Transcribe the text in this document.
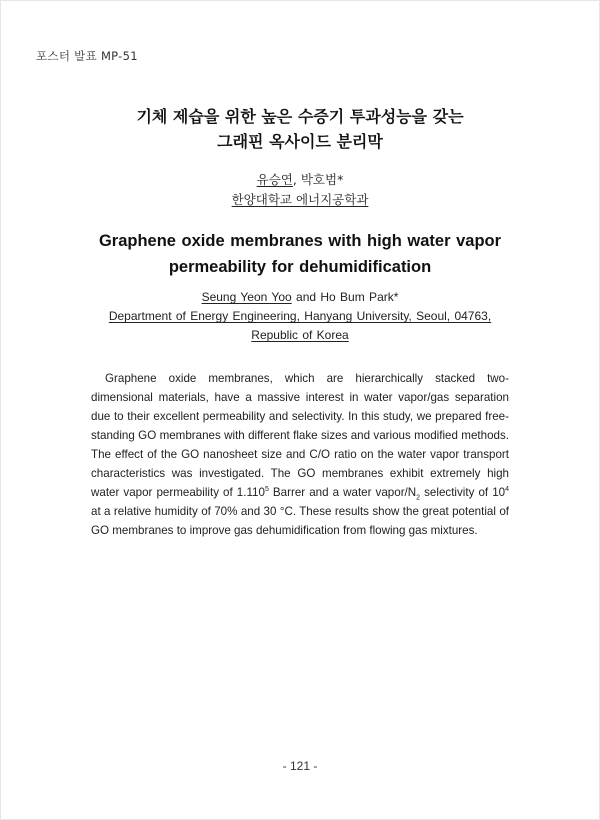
포스터 발표 MP-51
기체 제습을 위한 높은 수증기 투과성능을 갖는
그래핀 옥사이드 분리막
유승연, 박호범*
한양대학교 에너지공학과
Graphene oxide membranes with high water vapor
permeability for dehumidification
Seung Yeon Yoo and Ho Bum Park*
Department of Energy Engineering, Hanyang University, Seoul, 04763,
Republic of Korea

Graphene oxide membranes, which are hierarchically stacked two-dimensional materials, have a massive interest in water vapor/gas separation due to their excellent permeability and selectivity. In this study, we prepared free-standing GO membranes with different flake sizes and various modified methods. The effect of the GO nanosheet size and C/O ratio on the water vapor transport characteristics was investigated. The GO membranes exhibit extremely high water vapor permeability of 1.110$^5$ Barrer and a water vapor/$N_2$ selectivity of $10^4$ at a relative humidity of 70% and 30 °C. These results show the great potential of GO membranes to improve gas dehumidification from flowing gas mixtures.

- 121 -
